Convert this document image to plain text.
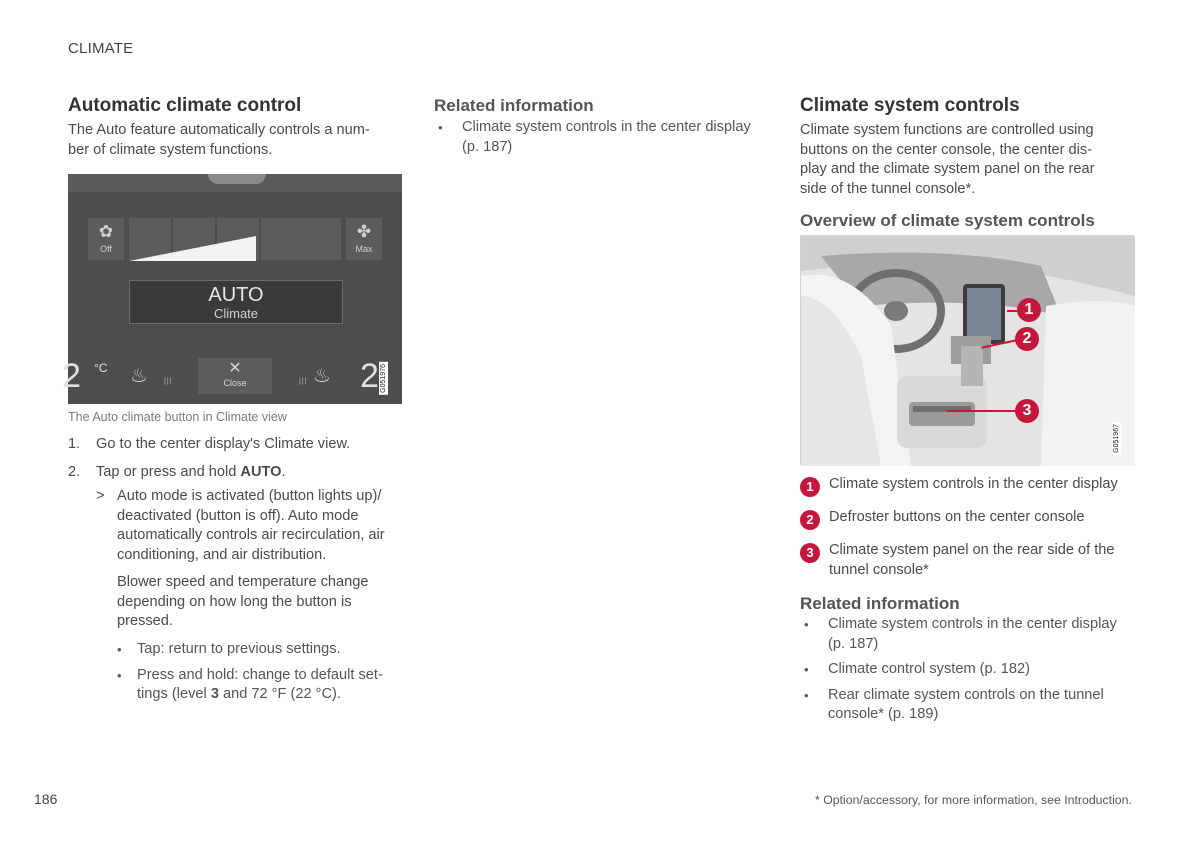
CLIMATE
Automatic climate control
The Auto feature automatically controls a num-
ber of climate system functions.
✿
Off
✤
Max
AUTO
Climate
2 °C ♨ |||
✕
Close	||| ♨ 2 G051976
The Auto climate button in Climate view
1. Go to the center display's Climate view.
2. Tap or press and hold AUTO.
> Auto mode is activated (button lights up)/
deactivated (button is off). Auto mode
automatically controls air recirculation, air
conditioning, and air distribution.
Blower speed and temperature change
depending on how long the button is
pressed.
• Tap: return to previous settings.
• Press and hold: change to default set-
tings (level 3 and 72 °F (22 °C).
Related information
• Climate system controls in the center display
(p. 187)
Climate system controls
Climate system functions are controlled using
buttons on the center console, the center dis-
play and the climate system panel on the rear
side of the tunnel console*.
Overview of climate system controls
1
2
3
G051967
1	Climate system controls in the center display
2	Defroster buttons on the center console
3	Climate system panel on the rear side of the
tunnel console*
Related information
• Climate system controls in the center display
(p. 187)
• Climate control system (p. 182)
• Rear climate system controls on the tunnel
console* (p. 189)
186	* Option/accessory, for more information, see Introduction.
